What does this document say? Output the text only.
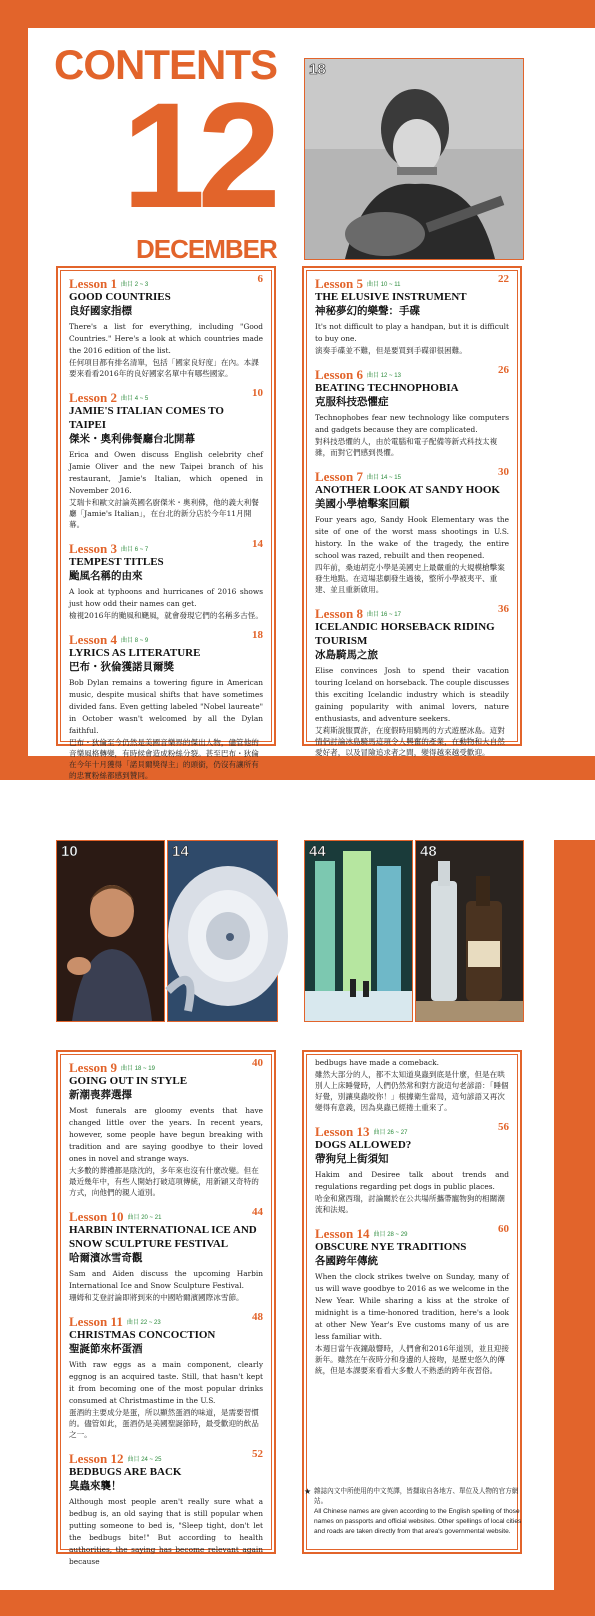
CONTENTS
12
DECEMBER
18
Lesson 1 曲目 2 ~ 3	6
GOOD COUNTRIES
良好國家指標
There's a list for everything, including "Good Countries." Here's a look at which countries made the 2016 edition of the list.
任何項目都有排名清單，包括「國家良好度」在內。本課要來看看2016年的良好國家名單中有哪些國家。
Lesson 2 曲目 4 ~ 5	10
JAMIE'S ITALIAN COMES TO TAIPEI
傑米・奧利佛餐廳台北開幕
Erica and Owen discuss English celebrity chef Jamie Oliver and the new Taipei branch of his restaurant, Jamie's Italian, which opened in November 2016.
艾瑞卡和歐文討論英國名廚傑米・奧利佛，他的義大利餐廳「Jamie's Italian」，在台北的新分店於今年11月開幕。
Lesson 3 曲目 6 ~ 7	14
TEMPEST TITLES
颱風名稱的由來
A look at typhoons and hurricanes of 2016 shows just how odd their names can get.
檢視2016年的颱風和颶風，就會發現它們的名稱多古怪。
Lesson 4 曲目 8 ~ 9	18
LYRICS AS LITERATURE
巴布・狄倫獲諾貝爾獎
Bob Dylan remains a towering figure in American music, despite musical shifts that have sometimes divided fans. Even getting labeled "Nobel laureate" in October wasn't welcomed by all the Dylan faithful.
巴布・狄倫至今仍然是美國音樂界的傑出人物，儘管他的音樂風格轉變，有時候會造成粉絲分裂。甚至巴布・狄倫在今年十月獲得「諾貝爾獎得主」的頭銜，仍沒有讓所有的忠實粉絲都感到贊同。
Lesson 5 曲目 10 ~ 11	22
THE ELUSIVE INSTRUMENT
神秘夢幻的樂聲：手碟
It's not difficult to play a handpan, but it is difficult to buy one.
演奏手碟並不難，但是要買到手碟卻很困難。
Lesson 6 曲目 12 ~ 13	26
BEATING TECHNOPHOBIA
克服科技恐懼症
Technophobes fear new technology like computers and gadgets because they are complicated.
對科技恐懼的人，由於電腦和電子配備等新式科技太複雜，而對它們感到畏懼。
Lesson 7 曲目 14 ~ 15	30
ANOTHER LOOK AT SANDY HOOK
美國小學槍擊案回顧
Four years ago, Sandy Hook Elementary was the site of one of the worst mass shootings in U.S. history. In the wake of the tragedy, the entire school was razed, rebuilt and then reopened.
四年前，桑迪胡克小學是美國史上最嚴重的大規模槍擊案發生地點。在這場悲劇發生過後，整所小學被夷平、重建、並且重新啟用。
Lesson 8 曲目 16 ~ 17	36
ICELANDIC HORSEBACK RIDING TOURISM
冰島騎馬之旅
Elise convinces Josh to spend their vacation touring Iceland on horseback. The couple discusses this exciting Icelandic industry which is steadily gaining popularity with animal lovers, nature enthusiasts, and adventure seekers.
艾莉斯說服賈許，在度假時用騎馬的方式遊歷冰島。這對情侶討論冰島騎馬這項令人興奮的產業，在動物和大自然愛好者，以及冒險追求者之間，變得越來越受歡迎。
10	14	44	48
Lesson 9 曲目 18 ~ 19	40
GOING OUT IN STYLE
新潮喪葬選擇
Most funerals are gloomy events that have changed little over the years. In recent years, however, some people have begun breaking with tradition and are saying goodbye to their loved ones in novel and strange ways.
大多數的葬禮都是陰沈的，多年來也沒有什麼改變。但在最近幾年中，有些人開始打破這項傳統，用新穎又奇特的方式，向他們的親人道別。
Lesson 10 曲目 20 ~ 21	44
HARBIN INTERNATIONAL ICE AND SNOW SCULPTURE FESTIVAL
哈爾濱冰雪奇觀
Sam and Aiden discuss the upcoming Harbin International Ice and Snow Sculpture Festival.
珊姆和艾登討論即將到來的中國哈爾濱國際冰雪節。
Lesson 11 曲目 22 ~ 23	48
CHRISTMAS CONCOCTION
聖誕節來杯蛋酒
With raw eggs as a main component, clearly eggnog is an acquired taste. Still, that hasn't kept it from becoming one of the most popular drinks consumed at Christmastime in the U.S.
蛋酒的主要成分是蛋，所以顯然蛋酒的味道，是需要習慣的。儘管如此，蛋酒仍是美國聖誕節時，最受歡迎的飲品之一。
Lesson 12 曲目 24 ~ 25	52
BEDBUGS ARE BACK
臭蟲來襲！
Although most people aren't really sure what a bedbug is, an old saying that is still popular when putting someone to bed is, "Sleep tight, don't let the bedbugs bite!" But according to health authorities, the saying has become relevant again because
bedbugs have made a comeback.
雖然大部分的人，都不太知道臭蟲到底是什麼，但是在哄別人上床睡覺時，人們仍然常和對方說這句老諺語：「睡個好覺，別讓臭蟲咬你！」根據衛生當局，這句諺語又再次變得有意義，因為臭蟲已經捲土重來了。
Lesson 13 曲目 26 ~ 27	56
DOGS ALLOWED?
帶狗兒上街須知
Hakim and Desiree talk about trends and regulations regarding pet dogs in public places.
哈金和黛西瑞，討論關於在公共場所攜帶寵物狗的相關潮流和法規。
Lesson 14 曲目 28 ~ 29	60
OBSCURE NYE TRADITIONS
各國跨年傳統
When the clock strikes twelve on Sunday, many of us will wave goodbye to 2016 as we welcome in the New Year. While sharing a kiss at the stroke of midnight is a time-honored tradition, here's a look at other New Year's Eve customs many of us are less familiar with.
本週日當午夜鐘敲響時，人們會和2016年道別，並且迎接新年。雖然在午夜時分和身邊的人接吻，是歷史悠久的傳統，但是本課要來看看大多數人不熟悉的跨年夜習俗。
★ 雜誌內文中所使用的中文英譯，皆擷取自各地方、單位及人物的官方網站。
All Chinese names are given according to the English spelling of those names on passports and official websites. Other spellings of local cities and roads are taken directly from that area's governmental website.
